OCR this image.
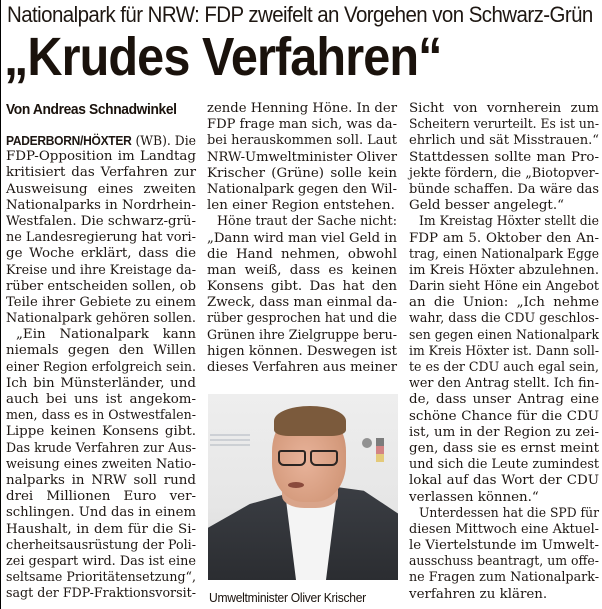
Nationalpark für NRW: FDP zweifelt an Vorgehen von Schwarz-Grün
„Krudes Verfahren“
Von Andreas Schnadwinkel
PADERBORN/HÖXTER (WB). Die
FDP-Opposition im Landtag
kritisiert das Verfahren zur
Ausweisung eines zweiten
Nationalparks in Nordrhein-
Westfalen. Die schwarz-grü-
ne Landesregierung hat vori-
ge Woche erklärt, dass die
Kreise und ihre Kreistage da-
rüber entscheiden sollen, ob
Teile ihrer Gebiete zu einem
Nationalpark gehören sollen.
„Ein Nationalpark kann
niemals gegen den Willen
einer Region erfolgreich sein.
Ich bin Münsterländer, und
auch bei uns ist angekom-
men, dass es in Ostwestfalen-
Lippe keinen Konsens gibt.
Das krude Verfahren zur Aus-
weisung eines zweiten Natio-
nalparks in NRW soll rund
drei Millionen Euro ver-
schlingen. Und das in einem
Haushalt, in dem für die Si-
cherheitsausrüstung der Poli-
zei gespart wird. Das ist eine
seltsame Prioritätensetzung“,
sagt der FDP-Fraktionsvorsit-
zende Henning Höne. In der
FDP frage man sich, was da-
bei herauskommen soll. Laut
NRW-Umweltminister Oliver
Krischer (Grüne) solle kein
Nationalpark gegen den Wil-
len einer Region entstehen.
Höne traut der Sache nicht:
„Dann wird man viel Geld in
die Hand nehmen, obwohl
man weiß, dass es keinen
Konsens gibt. Das hat den
Zweck, dass man einmal da-
rüber gesprochen hat und die
Grünen ihre Zielgruppe beru-
higen können. Deswegen ist
dieses Verfahren aus meiner
Umweltminister Oliver Krischer
Sicht von vornherein zum
Scheitern verurteilt. Es ist un-
ehrlich und sät Misstrauen.“
Stattdessen sollte man Pro-
jekte fördern, die „Biotopver-
bünde schaffen. Da wäre das
Geld besser angelegt.“
Im Kreistag Höxter stellt die
FDP am 5. Oktober den An-
trag, einen Nationalpark Egge
im Kreis Höxter abzulehnen.
Darin sieht Höne ein Angebot
an die Union: „Ich nehme
wahr, dass die CDU geschlos-
sen gegen einen Nationalpark
im Kreis Höxter ist. Dann soll-
te es der CDU auch egal sein,
wer den Antrag stellt. Ich fin-
de, dass unser Antrag eine
schöne Chance für die CDU
ist, um in der Region zu zei-
gen, dass sie es ernst meint
und sich die Leute zumindest
lokal auf das Wort der CDU
verlassen können.“
Unterdessen hat die SPD für
diesen Mittwoch eine Aktuel-
le Viertelstunde im Umwelt-
ausschuss beantragt, um offe-
ne Fragen zum Nationalpark-
verfahren zu klären.
